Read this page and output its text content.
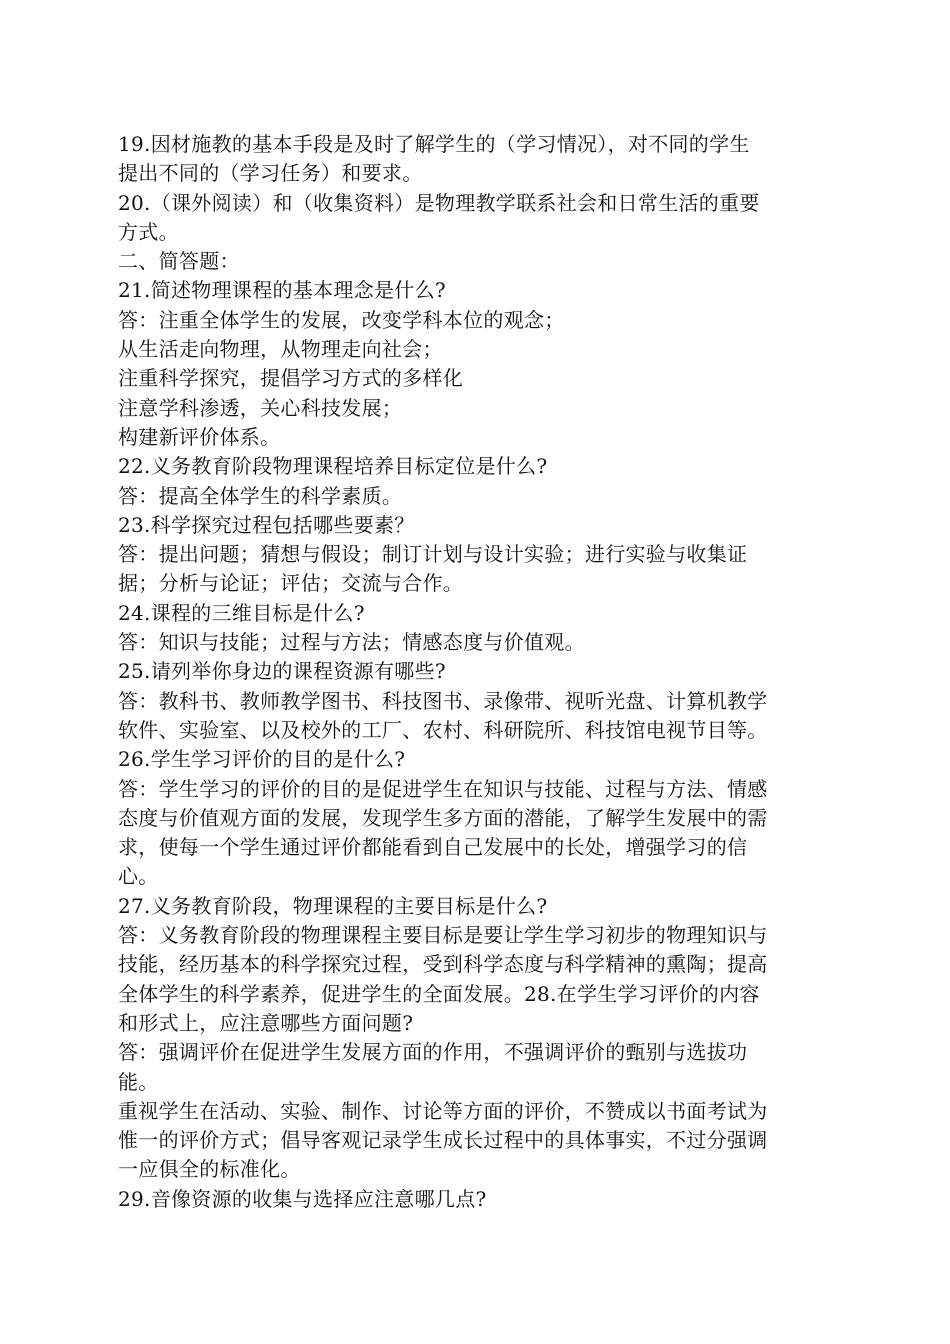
19.因材施教的基本手段是及时了解学生的（学习情况），对不同的学生
提出不同的（学习任务）和要求。
20.（课外阅读）和（收集资料）是物理教学联系社会和日常生活的重要
方式。
二、简答题：
21.简述物理课程的基本理念是什么?
答：注重全体学生的发展，改变学科本位的观念；
从生活走向物理，从物理走向社会；
注重科学探究，提倡学习方式的多样化
注意学科渗透，关心科技发展；
构建新评价体系。
22.义务教育阶段物理课程培养目标定位是什么?
答：提高全体学生的科学素质。
23.科学探究过程包括哪些要素？
答：提出问题；猜想与假设；制订计划与设计实验；进行实验与收集证
据；分析与论证；评估；交流与合作。
24.课程的三维目标是什么?
答：知识与技能；过程与方法；情感态度与价值观。
25.请列举你身边的课程资源有哪些?
答：教科书、教师教学图书、科技图书、录像带、视听光盘、计算机教学
软件、实验室、以及校外的工厂、农村、科研院所、科技馆电视节目等。
26.学生学习评价的目的是什么?
答：学生学习的评价的目的是促进学生在知识与技能、过程与方法、情感
态度与价值观方面的发展，发现学生多方面的潜能，了解学生发展中的需
求，使每一个学生通过评价都能看到自己发展中的长处，增强学习的信
心。
27.义务教育阶段，物理课程的主要目标是什么?
答：义务教育阶段的物理课程主要目标是要让学生学习初步的物理知识与
技能，经历基本的科学探究过程，受到科学态度与科学精神的熏陶；提高
全体学生的科学素养，促进学生的全面发展。28.在学生学习评价的内容
和形式上，应注意哪些方面问题?
答：强调评价在促进学生发展方面的作用，不强调评价的甄别与选拔功
能。
重视学生在活动、实验、制作、讨论等方面的评价，不赞成以书面考试为
惟一的评价方式；倡导客观记录学生成长过程中的具体事实，不过分强调
一应俱全的标准化。
29.音像资源的收集与选择应注意哪几点?
